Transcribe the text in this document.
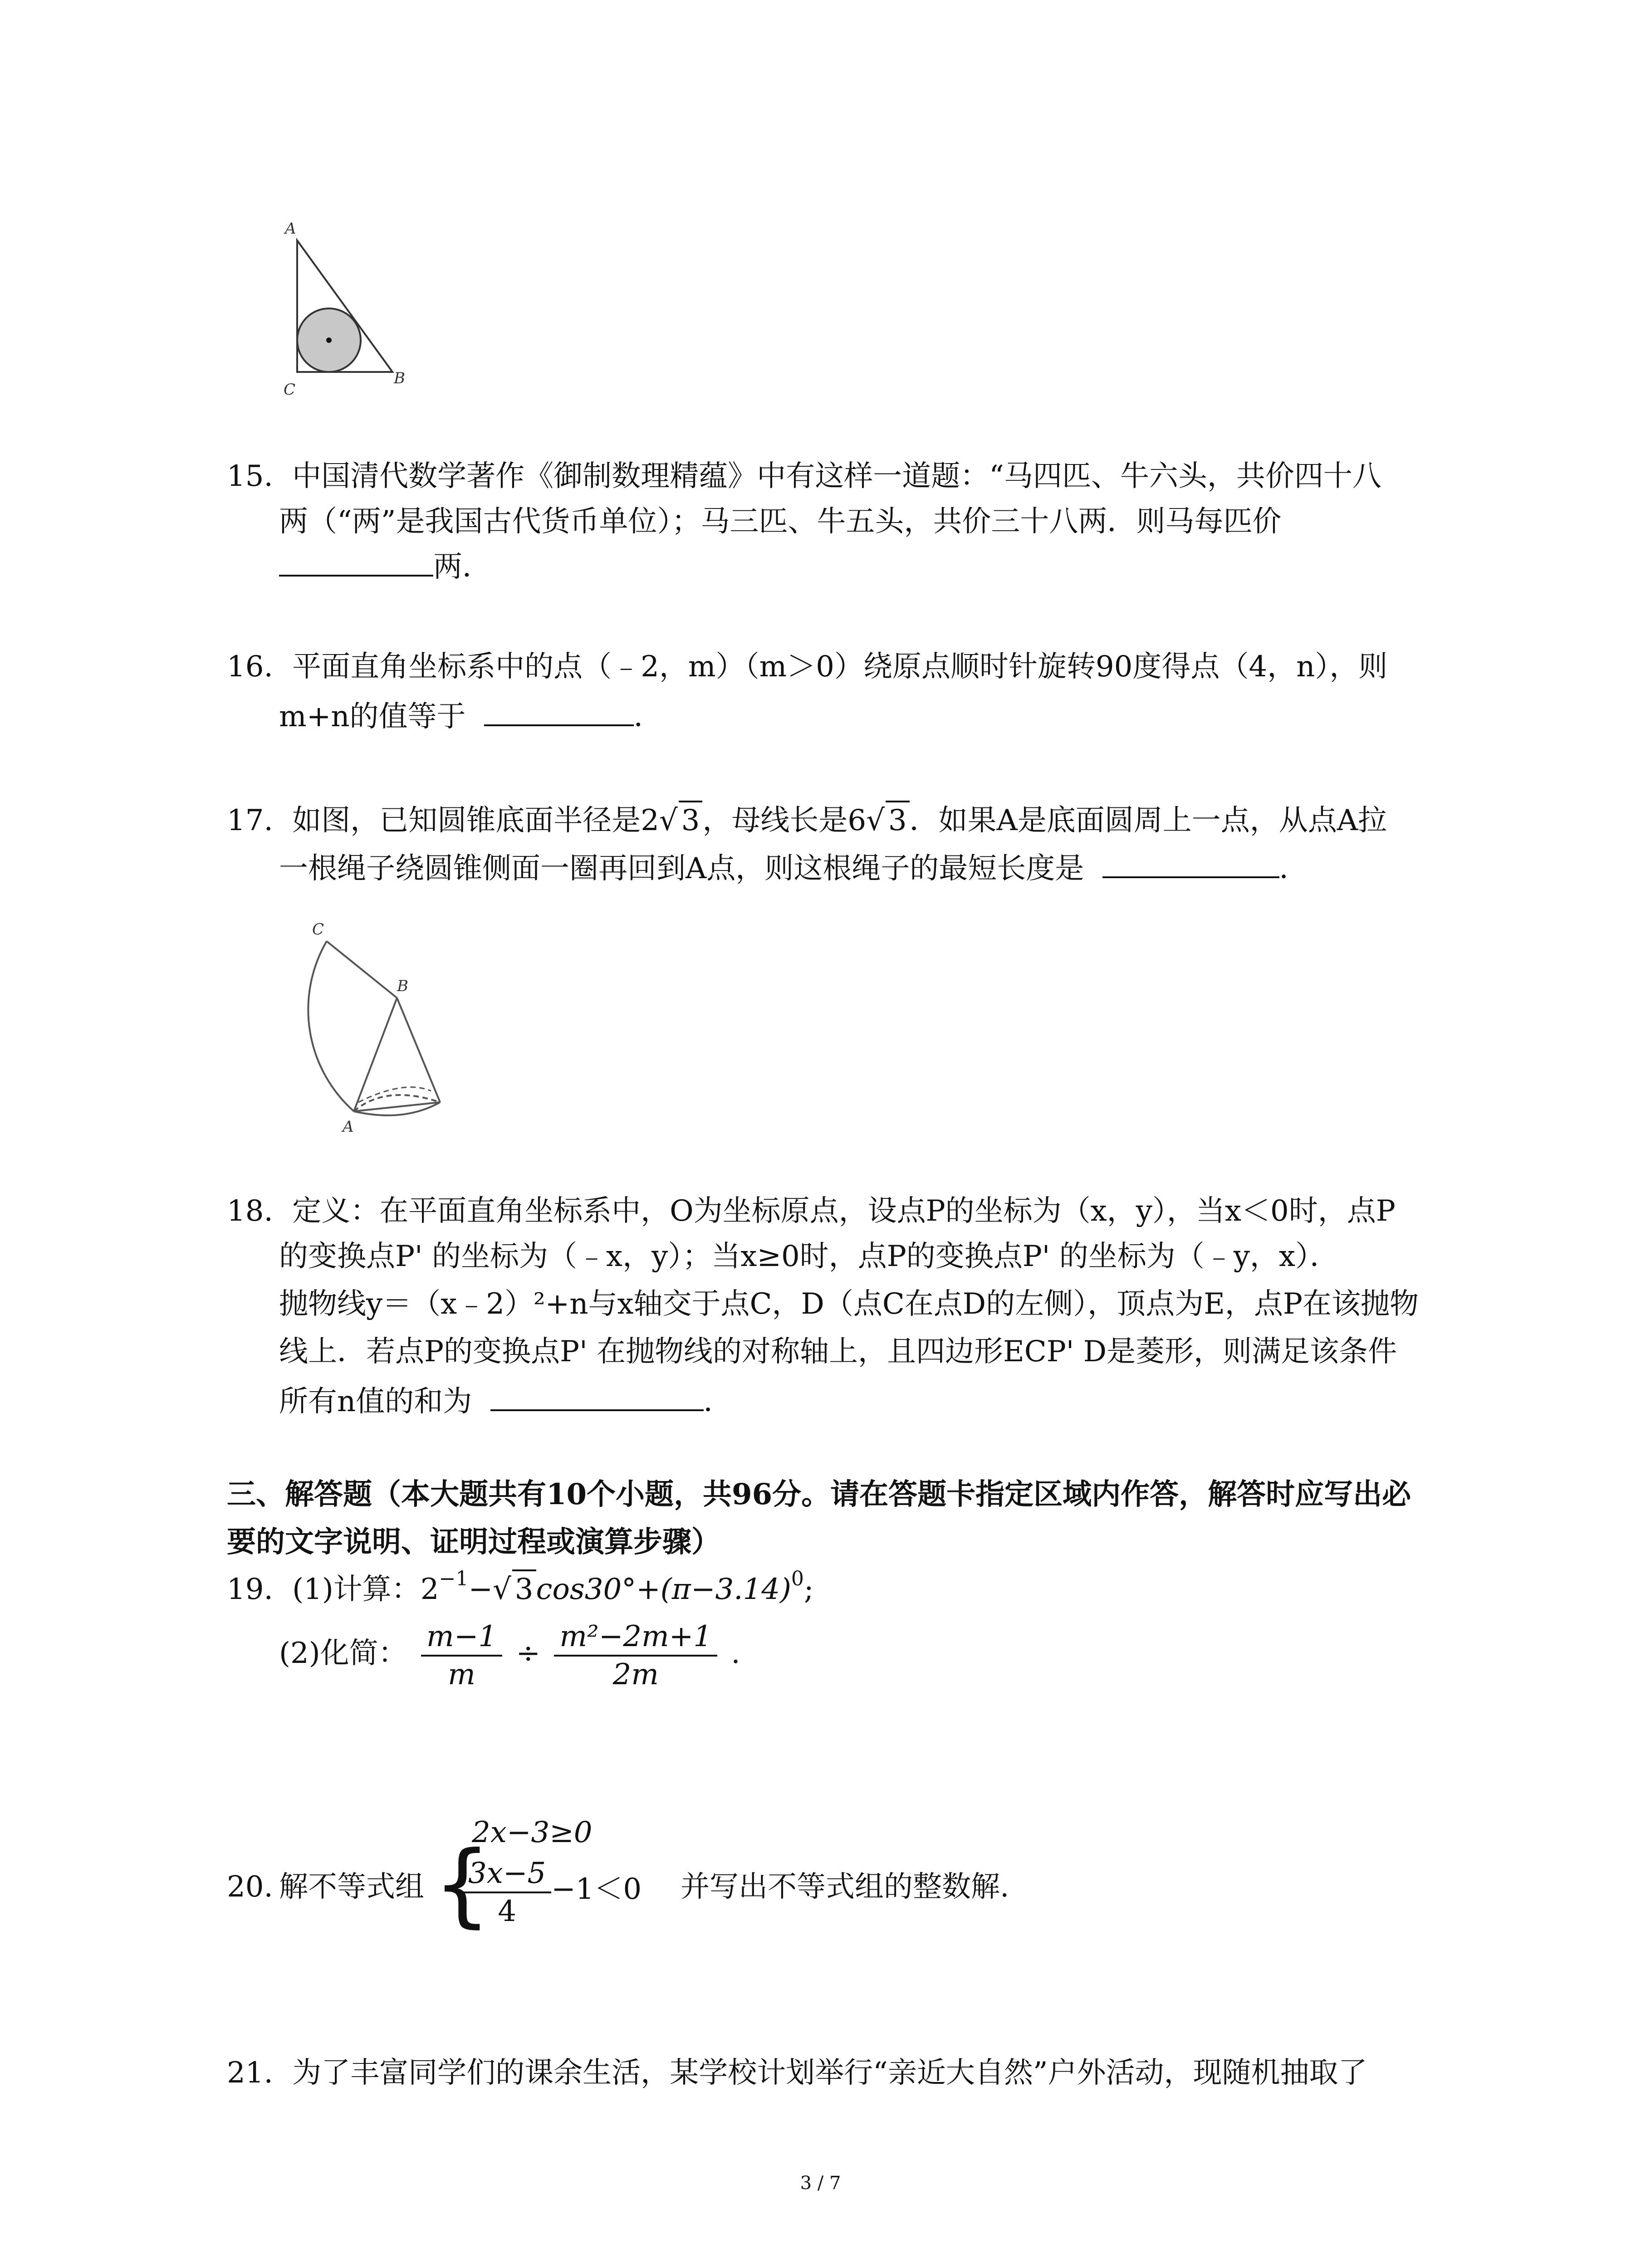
A
B
C
15. 中国清代数学著作《御制数理精蕴》中有这样一道题：“马四匹、牛六头，共价四十八
两（“两”是我国古代货币单位）；马三匹、牛五头，共价三十八两．则马每匹价
两．
16. 平面直角坐标系中的点（﹣2，m）（m＞0）绕原点顺时针旋转90度得点（4，n），则
m+n的值等于	．
17. 如图，已知圆锥底面半径是2√ 3，母线长是6√ 3．如果A是底面圆周上一点，从点A拉
一根绳子绕圆锥侧面一圈再回到A点，则这根绳子的最短长度是	．
C
B
A
18. 定义：在平面直角坐标系中，O为坐标原点，设点P的坐标为（x，y），当x＜0时，点P
的变换点P' 的坐标为（﹣x，y）；当x≥0时，点P的变换点P' 的坐标为（﹣y，x）．
抛物线y＝（x﹣2）²+n与x轴交于点C，D（点C在点D的左侧），顶点为E，点P在该抛物
线上．若点P的变换点P' 在抛物线的对称轴上，且四边形ECP' D是菱形，则满足该条件
所有n值的和为	．
三、解答题（本大题共有10个小题，共96分。请在答题卡指定区域内作答，解答时应写出必
要的文字说明、证明过程或演算步骤）
19. (1)计算：$2^{-1}-√$ $3\cos 30^\circ+(\pi-3.14)^0$;
(2)化简： $\frac{m-1}{m} \div \frac{\text{m²−2m+1}}{2m}$ .
20. 解不等式组 {
2x−3≥0
$\frac{3x-5}{4} -1<0$ 并写出不等式组的整数解.
21. 为了丰富同学们的课余生活，某学校计划举行“亲近大自然”户外活动，现随机抽取了
3 / 7
